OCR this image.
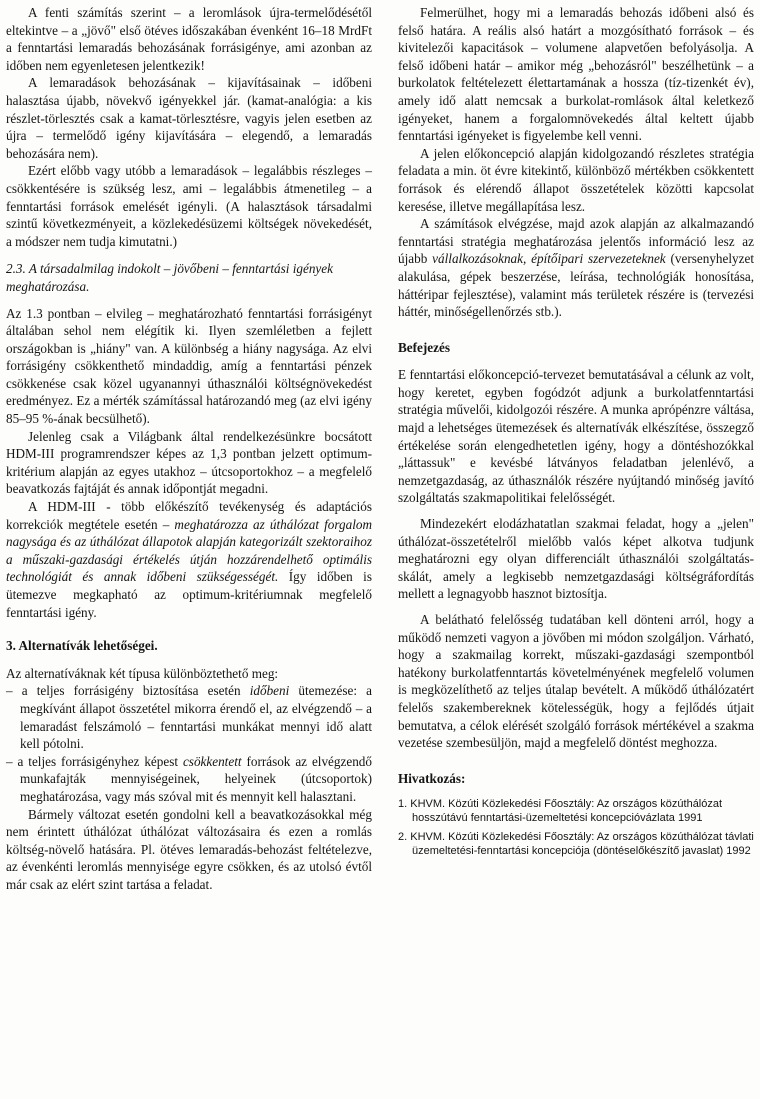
A fenti számítás szerint – a leromlások újra-termelődésétől eltekintve – a „jövő" első ötéves időszakában évenként 16–18 MrdFt a fenntartási lemaradás behozásának forrásigénye, ami azonban az időben nem egyenletesen jelentkezik!

A lemaradások behozásának – kijavításainak – időbeni halasztása újabb, növekvő igényekkel jár. (kamat-analógia: a kis részlet-törlesztés csak a kamat-törlesztésre, vagyis jelen esetben az újra – termelődő igény kijavítására – elegendő, a lemaradás behozására nem).

Ezért előbb vagy utóbb a lemaradások – legalábbis részleges – csökkentésére is szükség lesz, ami – legalábbis átmenetileg – a fenntartási források emelését igényli. (A halasztások társadalmi szintű következményeit, a közlekedésüzemi költségek növekedését, a módszer nem tudja kimutatni.)

2.3. A társadalmilag indokolt – jövőbeni – fenntartási igények meghatározása.

Az 1.3 pontban – elvileg – meghatározható fenntartási forrásigényt általában sehol nem elégítik ki. Ilyen szemléletben a fejlett országokban is „hiány" van. A különbség a hiány nagysága. Az elvi forrásigény csökkenthető mindaddig, amíg a fenntartási pénzek csökkenése csak közel ugyanannyi úthasználói költségnövekedést eredményez. Ez a mérték számítással határozandó meg (az elvi igény 85–95 %-ának becsülhető).

Jelenleg csak a Világbank által rendelkezésünkre bocsátott HDM-III programrendszer képes az 1,3 pontban jelzett optimum-kritérium alapján az egyes utakhoz – útcsoportokhoz – a megfelelő beavatkozás fajtáját és annak időpontját megadni.

A HDM-III - több előkészítő tevékenység és adaptációs korrekciók megtétele esetén – meghatározza az úthálózat forgalom nagysága és az úthálózat állapotok alapján kategorizált szektoraihoz a műszaki-gazdasági értékelés útján hozzárendelhető optimális technológiát és annak időbeni szükségességét. Így időben is ütemezve megkapható az optimum-kritériumnak megfelelő fenntartási igény.

3. Alternatívák lehetőségei.

Az alternatíváknak két típusa különböztethető meg:

– a teljes forrásigény biztosítása esetén időbeni ütemezése: a megkívánt állapot összetétel mikorra érendő el, az elvégzendő – a lemaradást felszámoló – fenntartási munkákat mennyi idő alatt kell pótolni.

– a teljes forrásigényhez képest csökkentett források az elvégzendő munkafajták mennyiségeinek, helyeinek (útcsoportok) meghatározása, vagy más szóval mit és mennyit kell halasztani.

Bármely változat esetén gondolni kell a beavatkozásokkal még nem érintett úthálózat úthálózat változásaira és ezen a romlás költség-növelő hatására. Pl. ötéves lemaradás-behozást feltételezve, az évenkénti leromlás mennyisége egyre csökken, és az utolsó évtől már csak az elért szint tartása a feladat.

Felmerülhet, hogy mi a lemaradás behozás időbeni alsó és felső határa. A reális alsó határt a mozgósítható források – és kivitelezői kapacitások – volumene alapvetően befolyásolja. A felső időbeni határ – amikor még „behozásról" beszélhetünk – a burkolatok feltételezett élettartamának a hossza (tíz-tizenkét év), amely idő alatt nemcsak a burkolat-romlások által keletkező igényeket, hanem a forgalomnövekedés által keltett újabb fenntartási igényeket is figyelembe kell venni.

A jelen előkoncepció alapján kidolgozandó részletes stratégia feladata a min. öt évre kitekintő, különböző mértékben csökkentett források és elérendő állapot összetételek közötti kapcsolat keresése, illetve megállapítása lesz.

A számítások elvégzése, majd azok alapján az alkalmazandó fenntartási stratégia meghatározása jelentős információ lesz az újabb vállalkozásoknak, építőipari szervezeteknek (versenyhelyzet alakulása, gépek beszerzése, leírása, technológiák honosítása, háttéripar fejlesztése), valamint más területek részére is (tervezési háttér, minőségellenőrzés stb.).

Befejezés

E fenntartási előkoncepció-tervezet bemutatásával a célunk az volt, hogy keretet, egyben fogódzót adjunk a burkolatfenntartási stratégia művelői, kidolgozói részére. A munka aprópénzre váltása, majd a lehetséges ütemezések és alternatívák elkészítése, összegző értékelése során elengedhetetlen igény, hogy a döntéshozókkal „láttassuk" e kevésbé látványos feladatban jelenlévő, a nemzetgazdaság, az úthasználók részére nyújtandó minőség javító szolgáltatás szakmapolitikai felelősségét.

Mindezekért elodázhatatlan szakmai feladat, hogy a „jelen" úthálózat-összetételről mielőbb valós képet alkotva tudjunk meghatározni egy olyan differenciált úthasználói szolgáltatás-skálát, amely a legkisebb nemzetgazdasági költségráfordítás mellett a legnagyobb hasznot biztosítja.

A belátható felelősség tudatában kell dönteni arról, hogy a működő nemzeti vagyon a jövőben mi módon szolgáljon. Várható, hogy a szakmailag korrekt, műszaki-gazdasági szempontból hatékony burkolatfenntartás követelményének megfelelő volumen is megközelíthető az teljes útalap bevételt. A működő úthálózatért felelős szakembereknek kötelességük, hogy a fejlődés útjait bemutatva, a célok elérését szolgáló források mértékével a szakma vezetése szembesüljön, majd a megfelelő döntést meghozza.

Hivatkozás:

1. KHVM. Közúti Közlekedési Főosztály: Az országos közúthálózat hosszútávú fenntartási-üzemeltetési koncepcióvázlata 1991

2. KHVM. Közúti Közlekedési Főosztály: Az országos közúthálózat távlati üzemeltetési-fenntartási koncepciója (döntéselőkészítő javaslat) 1992
